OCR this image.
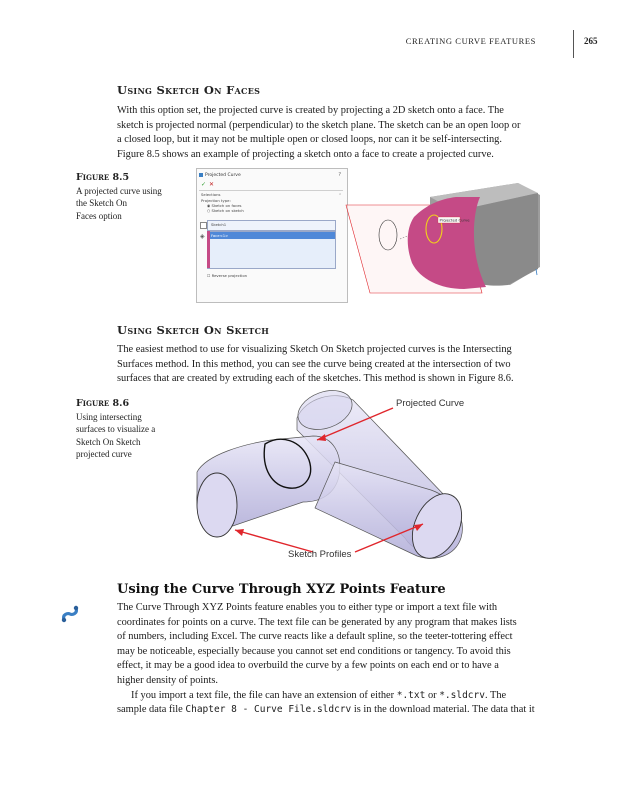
CREATING CURVE FEATURES	265
Using Sketch On Faces
With this option set, the projected curve is created by projecting a 2D sketch onto a face. The
sketch is projected normal (perpendicular) to the sketch plane. The sketch can be an open loop or
a closed loop, but it may not be multiple open or closed loops, nor can it be self-intersecting.
Figure 8.5 shows an example of projecting a sketch onto a face to create a projected curve.
Figure 8.5
A projected curve using
the Sketch On
Faces option
Projected Curve	?
✓ ✕
Selections	^
Projection type:
◉ Sketch on faces
○ Sketch on sketch
Sketch1
◈ Face<1>
☐ Reverse projection
Projected Curve
Using Sketch On Sketch
The easiest method to use for visualizing Sketch On Sketch projected curves is the Intersecting
Surfaces method. In this method, you can see the curve being created at the intersection of two
surfaces that are created by extruding each of the sketches. This method is shown in Figure 8.6.
Figure 8.6
Using intersecting
surfaces to visualize a
Sketch On Sketch
projected curve
Projected Curve
Sketch Profiles
Using the Curve Through XYZ Points Feature
The Curve Through XYZ Points feature enables you to either type or import a text file with
coordinates for points on a curve. The text file can be generated by any program that makes lists
of numbers, including Excel. The curve reacts like a default spline, so the teeter-tottering effect
may be noticeable, especially because you cannot set end conditions or tangency. To avoid this
effect, it may be a good idea to overbuild the curve by a few points on each end or to have a
higher density of points.
If you import a text file, the file can have an extension of either *.txt or *.sldcrv. The
sample data file Chapter 8 - Curve File.sldcrv is in the download material. The data that it
